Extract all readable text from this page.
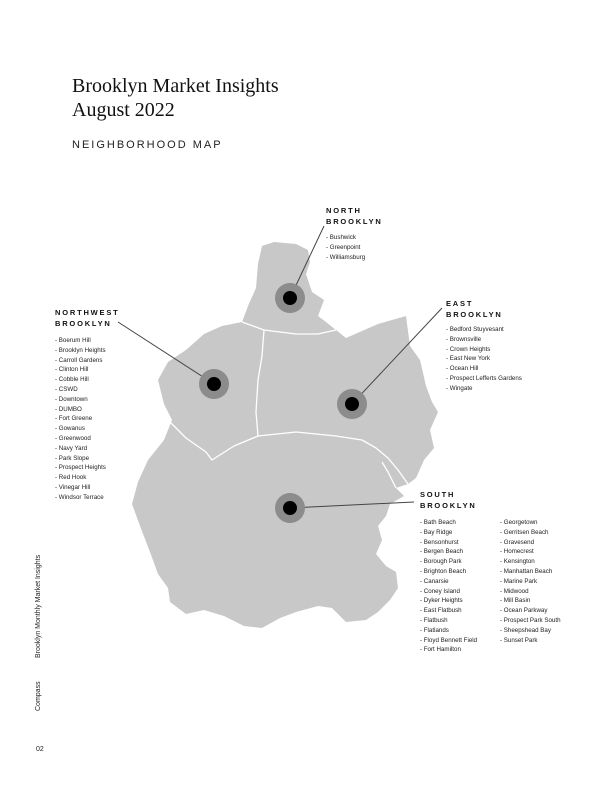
Brooklyn Market Insights
August 2022
NEIGHBORHOOD MAP
NORTH
BROOKLYN
- Bushwick
- Greenpoint
- Williamsburg
EAST
BROOKLYN
- Bedford Stuyvesant
- Brownsville
- Crown Heights
- East New York
- Ocean Hill
- Prospect Lefferts Gardens
- Wingate
NORTHWEST
BROOKLYN
- Boerum Hill
- Brooklyn Heights
- Carroll Gardens
- Clinton Hill
- Cobble Hill
- CSWD
- Downtown
- DUMBO
- Fort Greene
- Gowanus
- Greenwood
- Navy Yard
- Park Slope
- Prospect Heights
- Red Hook
- Vinegar Hill
- Windsor Terrace	SOUTH
BROOKLYN
- Bath Beach
- Bay Ridge
- Bensonhurst
- Bergen Beach
- Borough Park
- Brighton Beach
- Canarsie
- Coney Island
- Dyker Heights
- East Flatbush
- Flatbush
- Flatlands
- Floyd Bennett Field
- Fort Hamilton
- Georgetown
- Gerritsen Beach
- Gravesend
- Homecrest
- Kensington
- Manhattan Beach
- Marine Park
- Midwood
- Mill Basin
- Ocean Parkway
- Prospect Park South
- Sheepshead Bay
- Sunset Park
Compass
Brooklyn Monthly Market Insights
02
